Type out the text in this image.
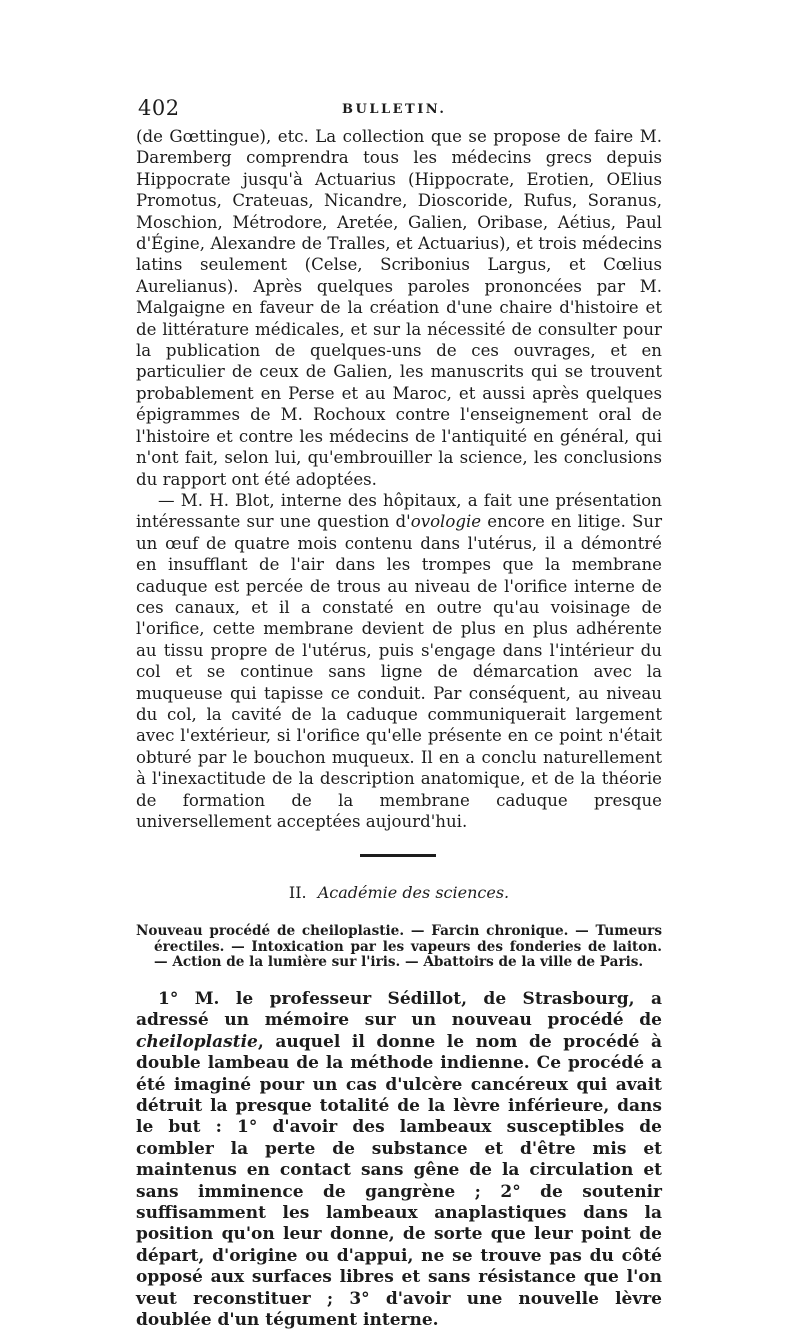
402	BULLETIN.

(de Gœttingue), etc. La collection que se propose de faire M. Daremberg comprendra tous les médecins grecs depuis Hippocrate jusqu'à Actuarius (Hippocrate, Erotien, OElius Promotus, Crateuas, Nicandre, Dioscoride, Rufus, Soranus, Moschion, Métrodore, Aretée, Galien, Oribase, Aétius, Paul d'Égine, Alexandre de Tralles, et Actuarius), et trois médecins latins seulement (Celse, Scribonius Largus, et Cœlius Aurelianus). Après quelques paroles prononcées par M. Malgaigne en faveur de la création d'une chaire d'histoire et de littérature médicales, et sur la nécessité de consulter pour la publication de quelques-uns de ces ouvrages, et en particulier de ceux de Galien, les manuscrits qui se trouvent probablement en Perse et au Maroc, et aussi après quelques épigrammes de M. Rochoux contre l'enseignement oral de l'histoire et contre les médecins de l'antiquité en général, qui n'ont fait, selon lui, qu'embrouiller la science, les conclusions du rapport ont été adoptées.

— M. H. Blot, interne des hôpitaux, a fait une présentation intéressante sur une question d'ovologie encore en litige. Sur un œuf de quatre mois contenu dans l'utérus, il a démontré en insufflant de l'air dans les trompes que la membrane caduque est percée de trous au niveau de l'orifice interne de ces canaux, et il a constaté en outre qu'au voisinage de l'orifice, cette membrane devient de plus en plus adhérente au tissu propre de l'utérus, puis s'engage dans l'intérieur du col et se continue sans ligne de démarcation avec la muqueuse qui tapisse ce conduit. Par conséquent, au niveau du col, la cavité de la caduque communiquerait largement avec l'extérieur, si l'orifice qu'elle présente en ce point n'était obturé par le bouchon muqueux. Il en a conclu naturellement à l'inexactitude de la description anatomique, et de la théorie de formation de la membrane caduque presque universellement acceptées aujourd'hui.

II. Académie des sciences.

Nouveau procédé de cheiloplastie. — Farcin chronique. — Tumeurs érectiles. — Intoxication par les vapeurs des fonderies de laiton. — Action de la lumière sur l'iris. — Abattoirs de la ville de Paris.

1° M. le professeur Sédillot, de Strasbourg, a adressé un mémoire sur un nouveau procédé de cheiloplastie, auquel il donne le nom de procédé à double lambeau de la méthode indienne. Ce procédé a été imaginé pour un cas d'ulcère cancéreux qui avait détruit la presque totalité de la lèvre inférieure, dans le but : 1° d'avoir des lambeaux susceptibles de combler la perte de substance et d'être mis et maintenus en contact sans gêne de la circulation et sans imminence de gangrène ; 2° de soutenir suffisamment les lambeaux anaplastiques dans la position qu'on leur donne, de sorte que leur point de départ, d'origine ou d'appui, ne se trouve pas du côté opposé aux surfaces libres et sans résistance que l'on veut reconstituer ; 3° d'avoir une nouvelle lèvre doublée d'un tégument interne.
